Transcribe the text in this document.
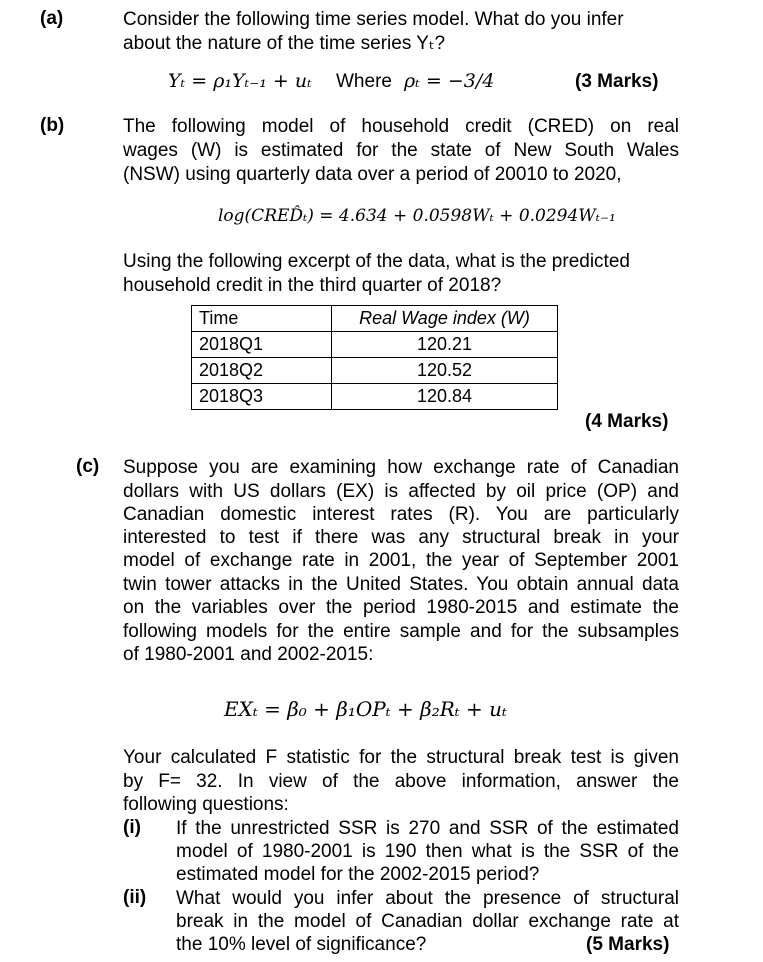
(a)	Consider the following time series model. What do you infer
about the nature of the time series Yₜ?
Yₜ = ρ₁Yₜ₋₁ + uₜ Where ρₜ = −3/4	(3 Marks)
(b)	The following model of household credit (CRED) on real
wages (W) is estimated for the state of New South Wales
(NSW) using quarterly data over a period of 20010 to 2020,
log(CRED̂ₜ) = 4.634 + 0.0598Wₜ + 0.0294Wₜ₋₁
Using the following excerpt of the data, what is the predicted
household credit in the third quarter of 2018?
Time	Real Wage index (W)
2018Q1	120.21
2018Q2	120.52
2018Q3	120.84
(4 Marks)
(c) Suppose you are examining how exchange rate of Canadian
dollars with US dollars (EX) is affected by oil price (OP) and
Canadian domestic interest rates (R). You are particularly
interested to test if there was any structural break in your
model of exchange rate in 2001, the year of September 2001
twin tower attacks in the United States. You obtain annual data
on the variables over the period 1980-2015 and estimate the
following models for the entire sample and for the subsamples
of 1980-2001 and 2002-2015:
EXₜ = β₀ + β₁OPₜ + β₂Rₜ + uₜ
Your calculated F statistic for the structural break test is given
by F= 32. In view of the above information, answer the
following questions:
(i) If the unrestricted SSR is 270 and SSR of the estimated
model of 1980-2001 is 190 then what is the SSR of the
estimated model for the 2002-2015 period?
(ii) What would you infer about the presence of structural
break in the model of Canadian dollar exchange rate at
the 10% level of significance?	(5 Marks)
